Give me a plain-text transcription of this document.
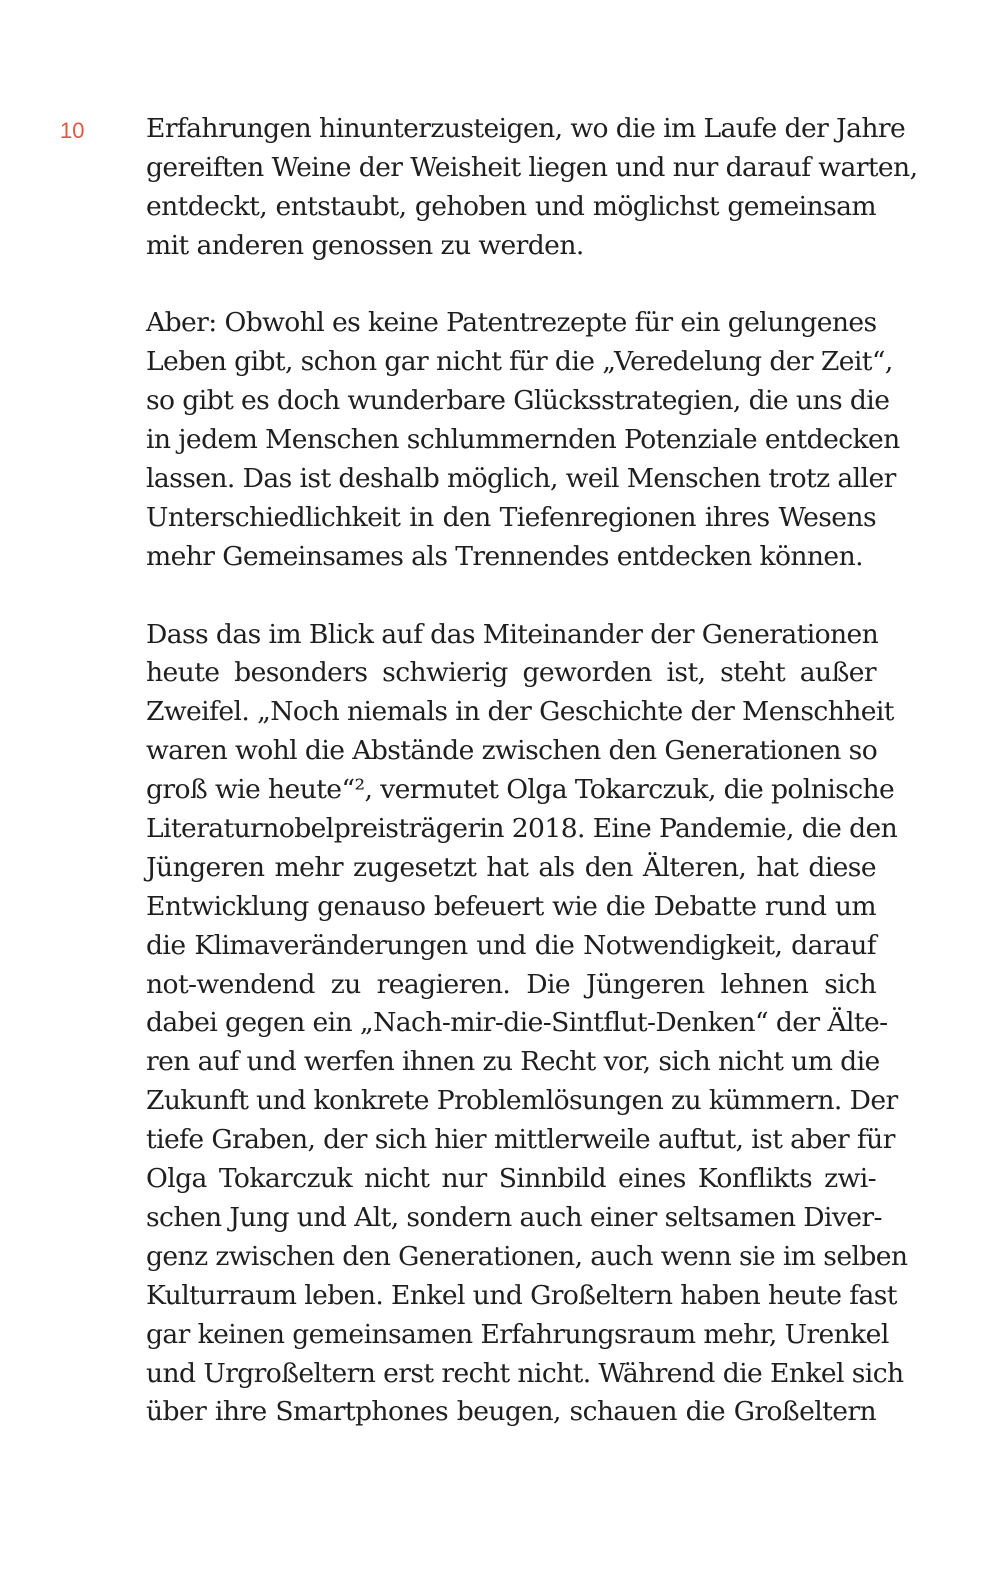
10 Erfahrungen hinunterzusteigen, wo die im Laufe der Jahre
gereiften Weine der Weisheit liegen und nur darauf warten,
entdeckt, entstaubt, gehoben und möglichst gemeinsam
mit anderen genossen zu werden.
Aber: Obwohl es keine Patentrezepte für ein gelungenes
Leben gibt, schon gar nicht für die „Veredelung der Zeit“,
so gibt es doch wunderbare Glücksstrategien, die uns die
in jedem Menschen schlummernden Potenziale entdecken
lassen. Das ist deshalb möglich, weil Menschen trotz aller
Unterschiedlichkeit in den Tiefenregionen ihres Wesens
mehr Gemeinsames als Trennendes entdecken können.
Dass das im Blick auf das Miteinander der Generationen
heute besonders schwierig geworden ist, steht außer
Zweifel. „Noch niemals in der Geschichte der Menschheit
waren wohl die Abstände zwischen den Generationen so
groß wie heute“², vermutet Olga Tokarczuk, die polnische
Literaturnobelpreisträgerin 2018. Eine Pandemie, die den
Jüngeren mehr zugesetzt hat als den Älteren, hat diese
Entwicklung genauso befeuert wie die Debatte rund um
die Klimaveränderungen und die Notwendigkeit, darauf
not-wendend zu reagieren. Die Jüngeren lehnen sich
dabei gegen ein „Nach-mir-die-Sintflut-Denken“ der Älte-
ren auf und werfen ihnen zu Recht vor, sich nicht um die
Zukunft und konkrete Problemlösungen zu kümmern. Der
tiefe Graben, der sich hier mittlerweile auftut, ist aber für
Olga Tokarczuk nicht nur Sinnbild eines Konflikts zwi-
schen Jung und Alt, sondern auch einer seltsamen Diver-
genz zwischen den Generationen, auch wenn sie im selben
Kulturraum leben. Enkel und Großeltern haben heute fast
gar keinen gemeinsamen Erfahrungsraum mehr, Urenkel
und Urgroßeltern erst recht nicht. Während die Enkel sich
über ihre Smartphones beugen, schauen die Großeltern
